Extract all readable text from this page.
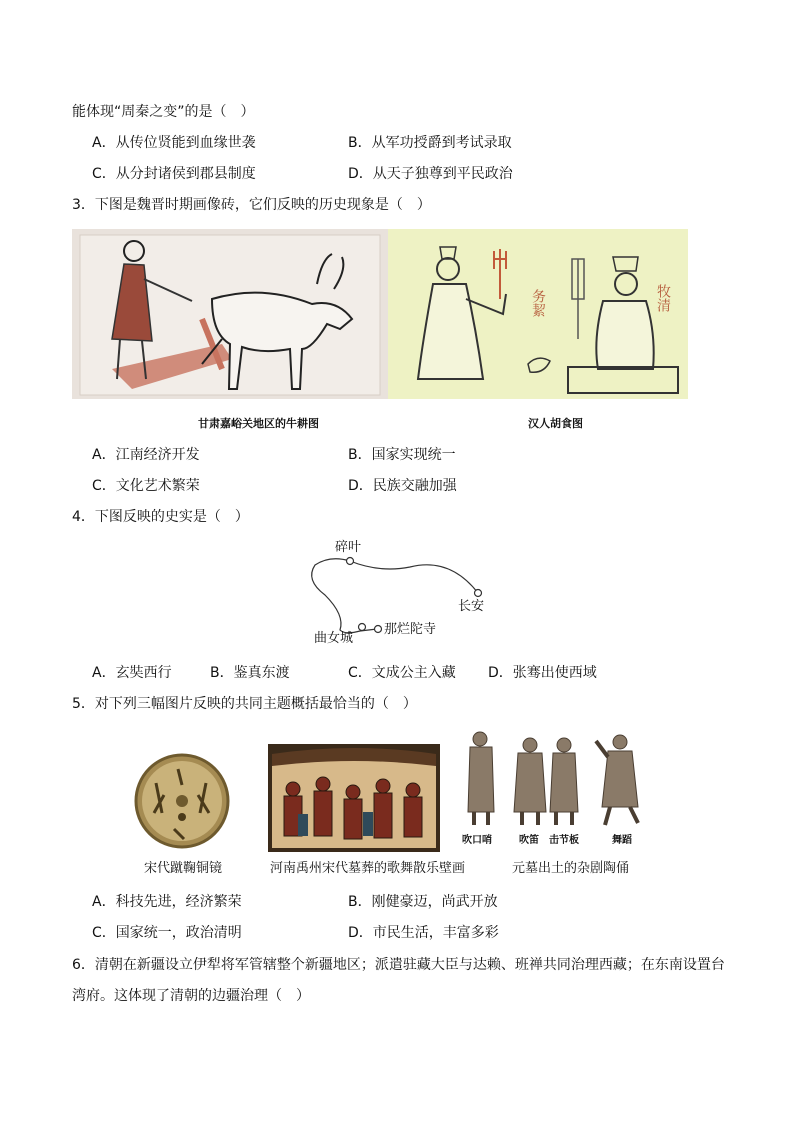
能体现“周秦之变”的是（　）
A．从传位贤能到血缘世袭	B．从军功授爵到考试录取
C．从分封诸侯到郡县制度	D．从天子独尊到平民政治
3．下图是魏晋时期画像砖，它们反映的历史现象是（　）
务絜	牧清
甘肃嘉峪关地区的牛耕图	汉人胡食图
A．江南经济开发	B．国家实现统一
C．文化艺术繁荣	D．民族交融加强
4．下图反映的史实是（　）
碎叶
长安
曲女城
那烂陀寺
A．玄奘西行	B．鉴真东渡	C．文成公主入藏 D．张骞出使西域
5．对下列三幅图片反映的共同主题概括最恰当的（　）
吹口哨	吹笛 击节板	舞蹈
宋代蹴鞠铜镜	河南禹州宋代墓葬的歌舞散乐壁画	元墓出土的杂剧陶俑
A．科技先进，经济繁荣	B．刚健豪迈，尚武开放
C．国家统一，政治清明	D．市民生活，丰富多彩
6．清朝在新疆设立伊犁将军管辖整个新疆地区；派遣驻藏大臣与达赖、班禅共同治理西藏；在东南设置台
湾府。这体现了清朝的边疆治理（　）
